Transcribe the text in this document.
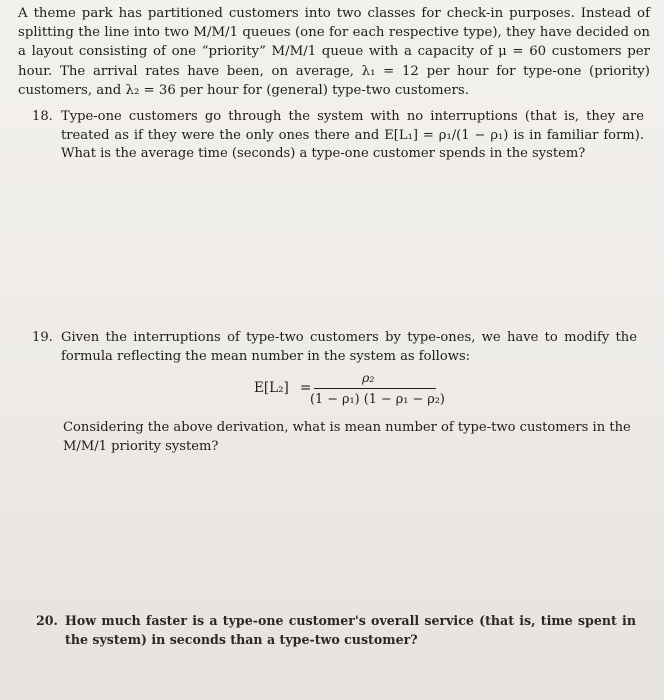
A theme park has partitioned customers into two classes for check-in purposes. Instead of splitting the line into two M/M/1 queues (one for each respective type), they have decided on a layout consisting of one “priority” M/M/1 queue with a capacity of μ = 60 customers per hour. The arrival rates have been, on average, λ₁ = 12 per hour for type-one (priority) customers, and λ₂ = 36 per hour for (general) type-two customers.
18. Type-one customers go through the system with no interruptions (that is, they are treated as if they were the only ones there and E[L₁] = ρ₁/(1 − ρ₁) is in familiar form). What is the average time (seconds) a type-one customer spends in the system?
19. Given the interruptions of type-two customers by type-ones, we have to modify the formula reflecting the mean number in the system as follows:
E[L₂] =
ρ₂
(1 − ρ₁) (1 − ρ₁ − ρ₂)
Considering the above derivation, what is mean number of type-two customers in the M/M/1 priority system?
20. How much faster is a type-one customer's overall service (that is, time spent in the system) in seconds than a type-two customer?
